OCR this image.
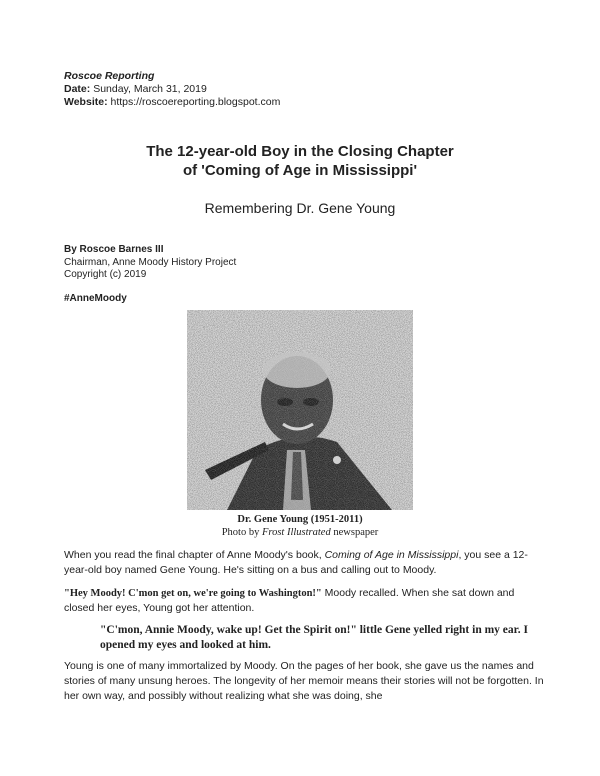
Roscoe Reporting
Date: Sunday, March 31, 2019
Website: https://roscoereporting.blogspot.com
The 12-year-old Boy in the Closing Chapter
of 'Coming of Age in Mississippi'
Remembering Dr. Gene Young
By Roscoe Barnes III
Chairman, Anne Moody History Project
Copyright (c) 2019
#AnneMoody
Dr. Gene Young (1951-2011)
Photo by Frost Illustrated newspaper
When you read the final chapter of Anne Moody's book, Coming of Age in Mississippi, you see a 12-year-old boy named Gene Young. He's sitting on a bus and calling out to Moody.
"Hey Moody! C'mon get on, we're going to Washington!" Moody recalled. When she sat down and closed her eyes, Young got her attention.
"C'mon, Annie Moody, wake up! Get the Spirit on!" little Gene yelled right in my ear. I opened my eyes and looked at him.
Young is one of many immortalized by Moody. On the pages of her book, she gave us the names and stories of many unsung heroes. The longevity of her memoir means their stories will not be forgotten. In her own way, and possibly without realizing what she was doing, she
